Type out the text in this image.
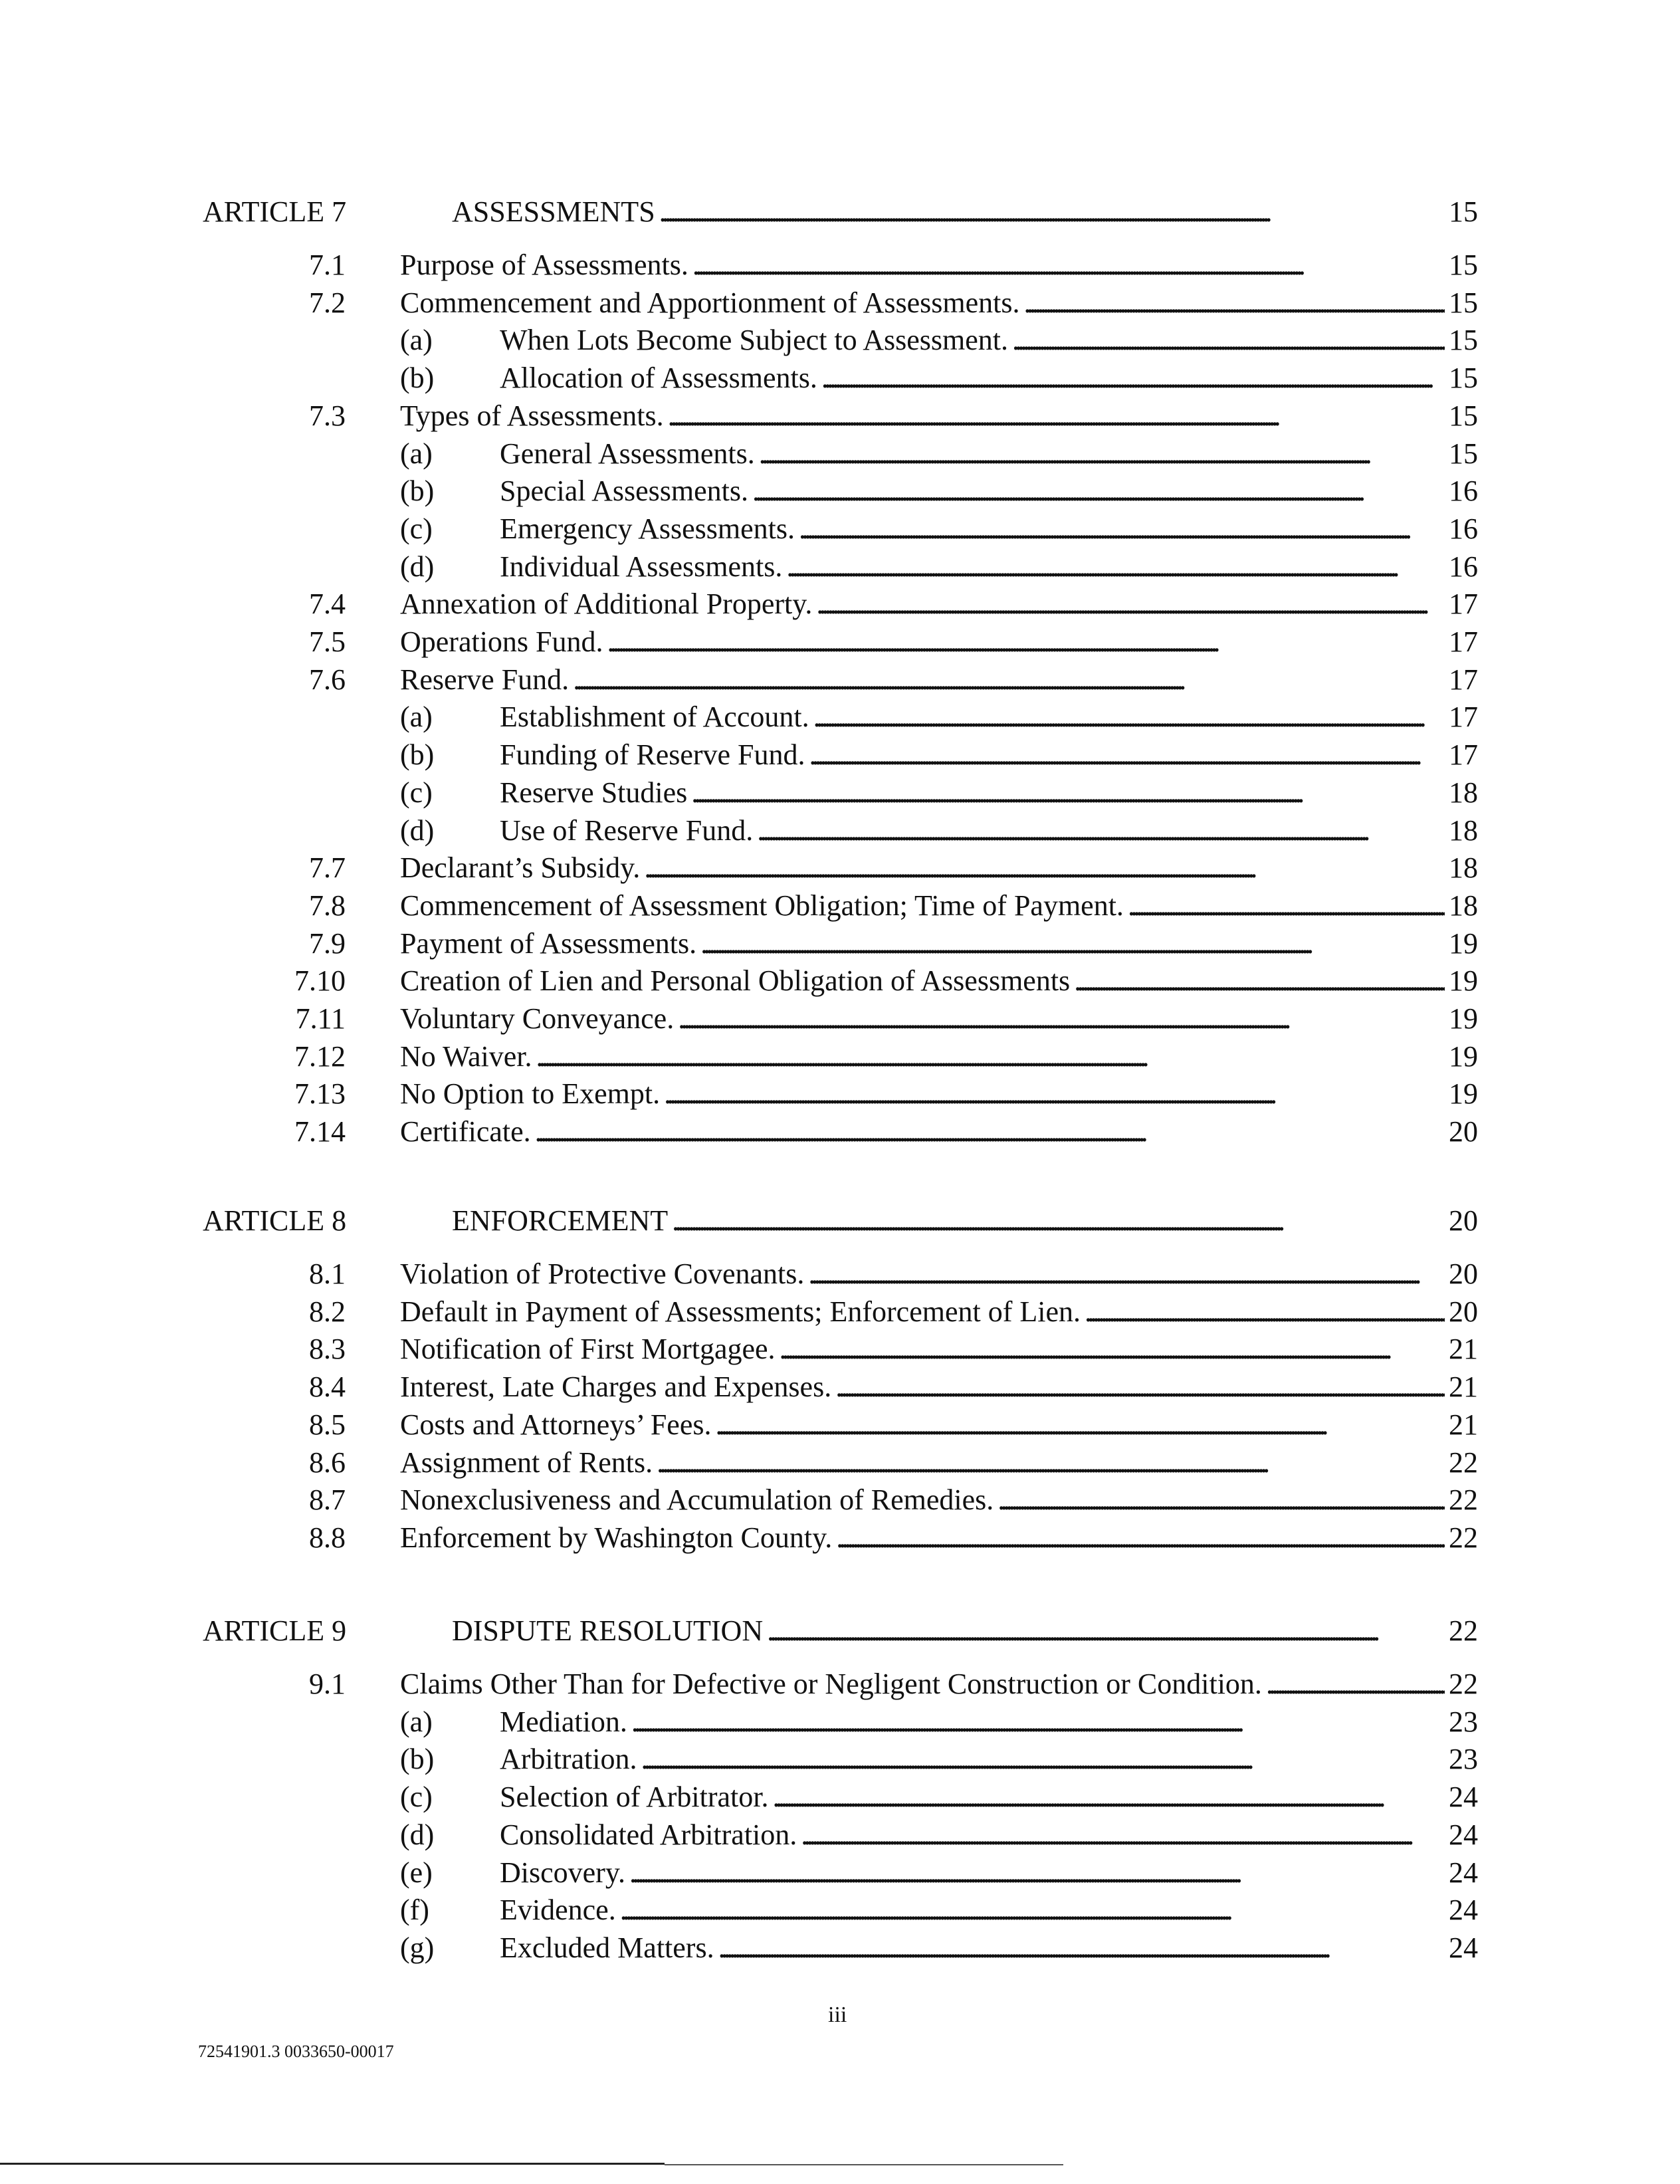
ARTICLE 7	ASSESSMENTS . . .	15
7.1 Purpose of Assessments. . . .	15
7.2 Commencement and Apportionment of Assessments. . . .	15
(a) When Lots Become Subject to Assessment. . . .	15
(b) Allocation of Assessments. . . .	15
7.3 Types of Assessments. . . .	15
(a) General Assessments. . . .	15
(b) Special Assessments. . . .	16
(c) Emergency Assessments. . . .	16
(d) Individual Assessments. . . .	16
7.4 Annexation of Additional Property. . . .	17
7.5 Operations Fund. . . .	17
7.6 Reserve Fund. . . .	17
(a) Establishment of Account. . . .	17
(b) Funding of Reserve Fund. . . .	17
(c) Reserve Studies . . .	18
(d) Use of Reserve Fund. . . .	18
7.7 Declarant’s Subsidy. . . .	18
7.8 Commencement of Assessment Obligation; Time of Payment. . . .	18
7.9 Payment of Assessments. . . .	19
7.10 Creation of Lien and Personal Obligation of Assessments . . .	19
7.11 Voluntary Conveyance. . . .	19
7.12 No Waiver. . . .	19
7.13 No Option to Exempt. . . .	19
7.14 Certificate. . . .	20
ARTICLE 8	ENFORCEMENT . . .	20
8.1 Violation of Protective Covenants. . . .	20
8.2 Default in Payment of Assessments; Enforcement of Lien. . . .	20
8.3 Notification of First Mortgagee. . . .	21
8.4 Interest, Late Charges and Expenses. . . .	21
8.5 Costs and Attorneys’ Fees. . . .	21
8.6 Assignment of Rents. . . .	22
8.7 Nonexclusiveness and Accumulation of Remedies. . . .	22
8.8 Enforcement by Washington County. . . .	22
ARTICLE 9	DISPUTE RESOLUTION . . .	22
9.1 Claims Other Than for Defective or Negligent Construction or Condition. . . .	22
(a) Mediation. . . .	23
(b) Arbitration. . . .	23
(c) Selection of Arbitrator. . . .	24
(d) Consolidated Arbitration. . . .	24
(e) Discovery. . . .	24
(f) Evidence. . . .	24
(g) Excluded Matters. . . .	24
iii
72541901.3 0033650-00017
